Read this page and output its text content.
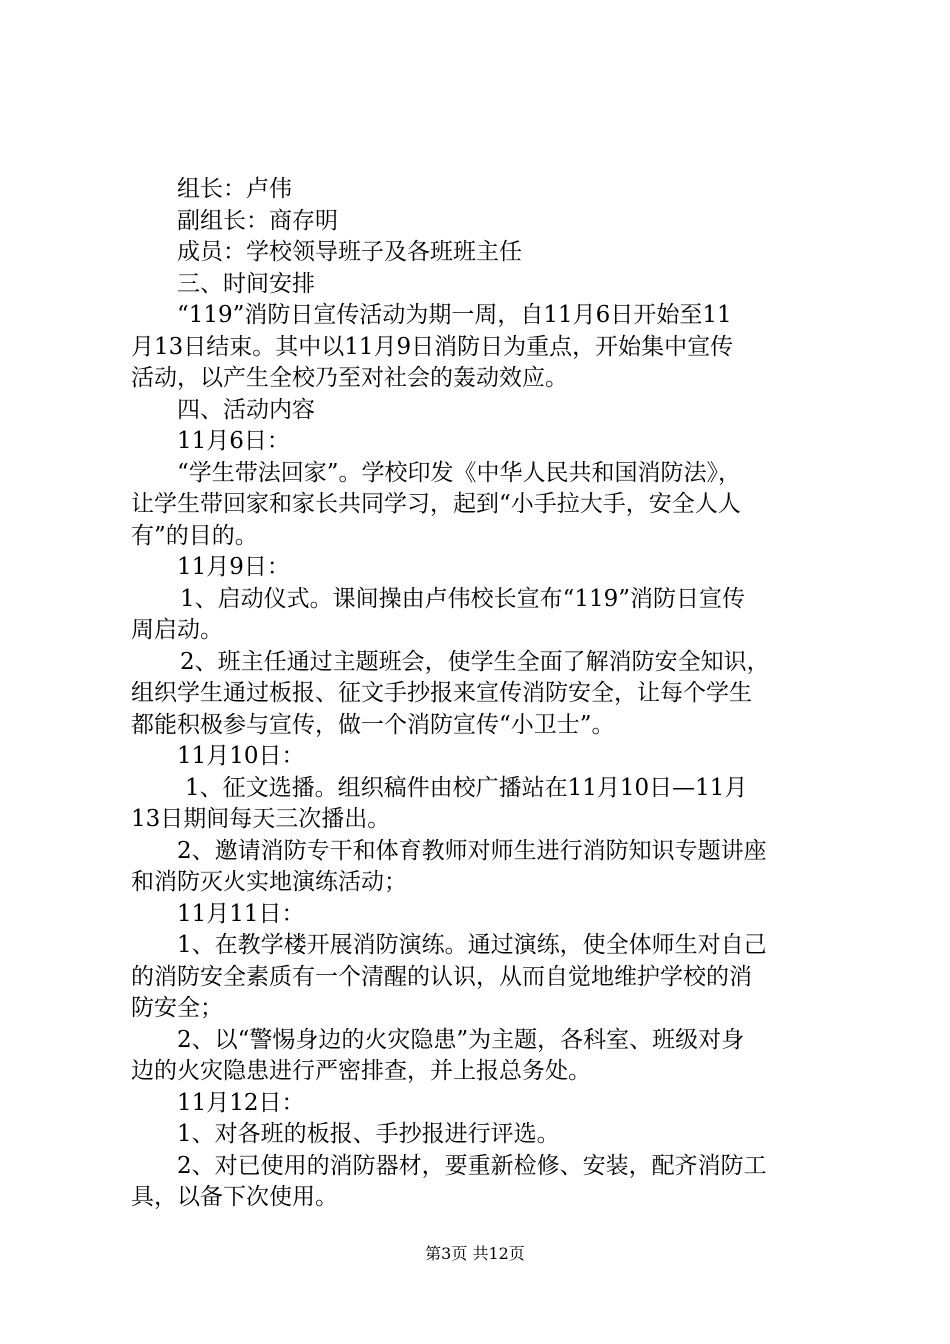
组长：卢伟
副组长：商存明
成员：学校领导班子及各班班主任
三、时间安排
“119”消防日宣传活动为期一周，自11月6日开始至11
月13日结束。其中以11月9日消防日为重点，开始集中宣传
活动，以产生全校乃至对社会的轰动效应。
四、活动内容
11月6日：
“学生带法回家”。学校印发《中华人民共和国消防法》，
让学生带回家和家长共同学习，起到“小手拉大手，安全人人
有”的目的。
11月9日：
1、启动仪式。课间操由卢伟校长宣布“119”消防日宣传
周启动。
2、班主任通过主题班会，使学生全面了解消防安全知识，
组织学生通过板报、征文手抄报来宣传消防安全，让每个学生
都能积极参与宣传，做一个消防宣传“小卫士”。
11月10日：
1、征文选播。组织稿件由校广播站在11月10日—11月
13日期间每天三次播出。
2、邀请消防专干和体育教师对师生进行消防知识专题讲座
和消防灭火实地演练活动；
11月11日：
1、在教学楼开展消防演练。通过演练，使全体师生对自己
的消防安全素质有一个清醒的认识，从而自觉地维护学校的消
防安全；
2、以“警惕身边的火灾隐患”为主题，各科室、班级对身
边的火灾隐患进行严密排查，并上报总务处。
11月12日：
1、对各班的板报、手抄报进行评选。
2、对已使用的消防器材，要重新检修、安装，配齐消防工
具，以备下次使用。
第3页 共12页
